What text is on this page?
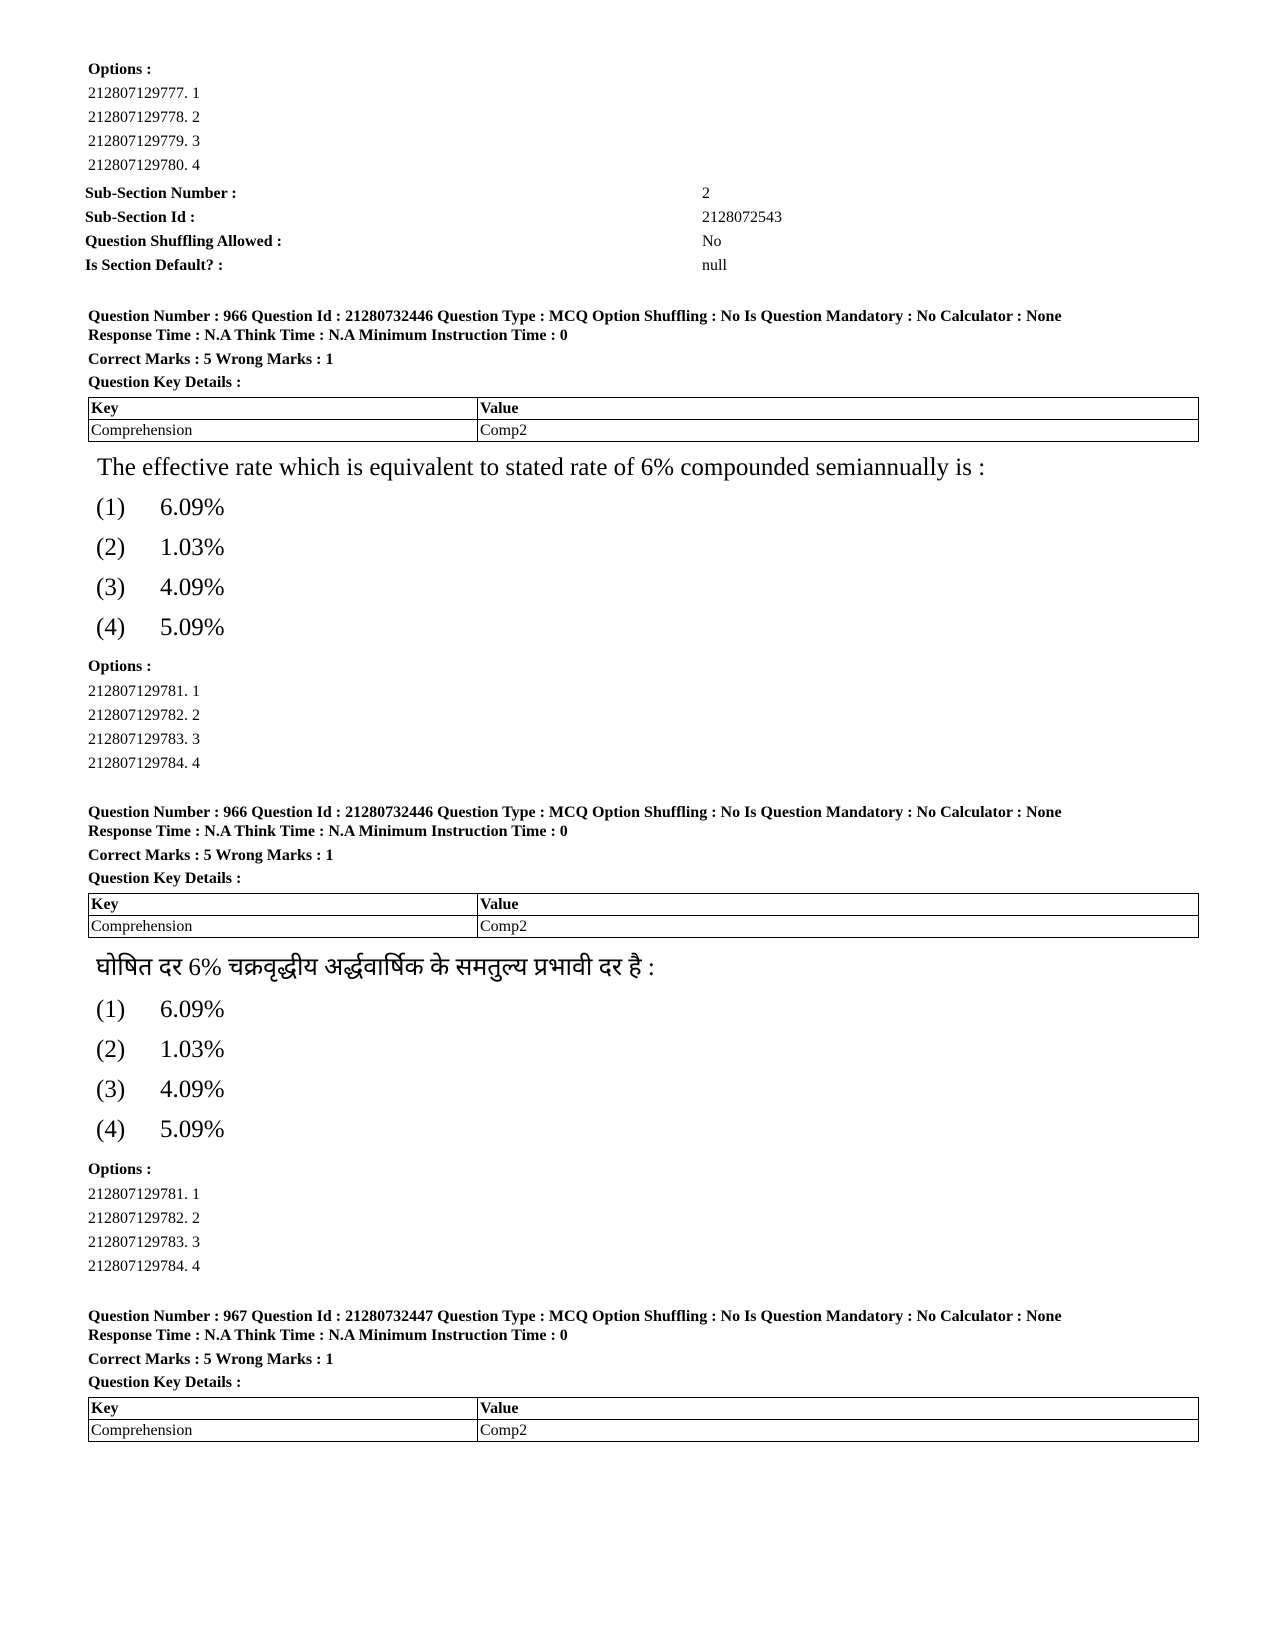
Options :
212807129777. 1
212807129778. 2
212807129779. 3
212807129780. 4
Sub-Section Number :	2
Sub-Section Id :	2128072543
Question Shuffling Allowed :	No
Is Section Default? :	null
Question Number : 966 Question Id : 21280732446 Question Type : MCQ Option Shuffling : No Is Question Mandatory : No Calculator : None
Response Time : N.A Think Time : N.A Minimum Instruction Time : 0
Correct Marks : 5 Wrong Marks : 1
Question Key Details :
Key	Value
Comprehension	Comp2
The effective rate which is equivalent to stated rate of 6% compounded semiannually is :
(1)	6.09%
(2)	1.03%
(3)	4.09%
(4)	5.09%
Options :
212807129781. 1
212807129782. 2
212807129783. 3
212807129784. 4
Question Number : 966 Question Id : 21280732446 Question Type : MCQ Option Shuffling : No Is Question Mandatory : No Calculator : None
Response Time : N.A Think Time : N.A Minimum Instruction Time : 0
Correct Marks : 5 Wrong Marks : 1
Question Key Details :
Key	Value
Comprehension	Comp2
घोषित दर 6% चक्रवृद्धीय अर्द्धवार्षिक के समतुल्य प्रभावी दर है :
(1)	6.09%
(2)	1.03%
(3)	4.09%
(4)	5.09%
Options :
212807129781. 1
212807129782. 2
212807129783. 3
212807129784. 4
Question Number : 967 Question Id : 21280732447 Question Type : MCQ Option Shuffling : No Is Question Mandatory : No Calculator : None
Response Time : N.A Think Time : N.A Minimum Instruction Time : 0
Correct Marks : 5 Wrong Marks : 1
Question Key Details :
Key	Value
Comprehension	Comp2
